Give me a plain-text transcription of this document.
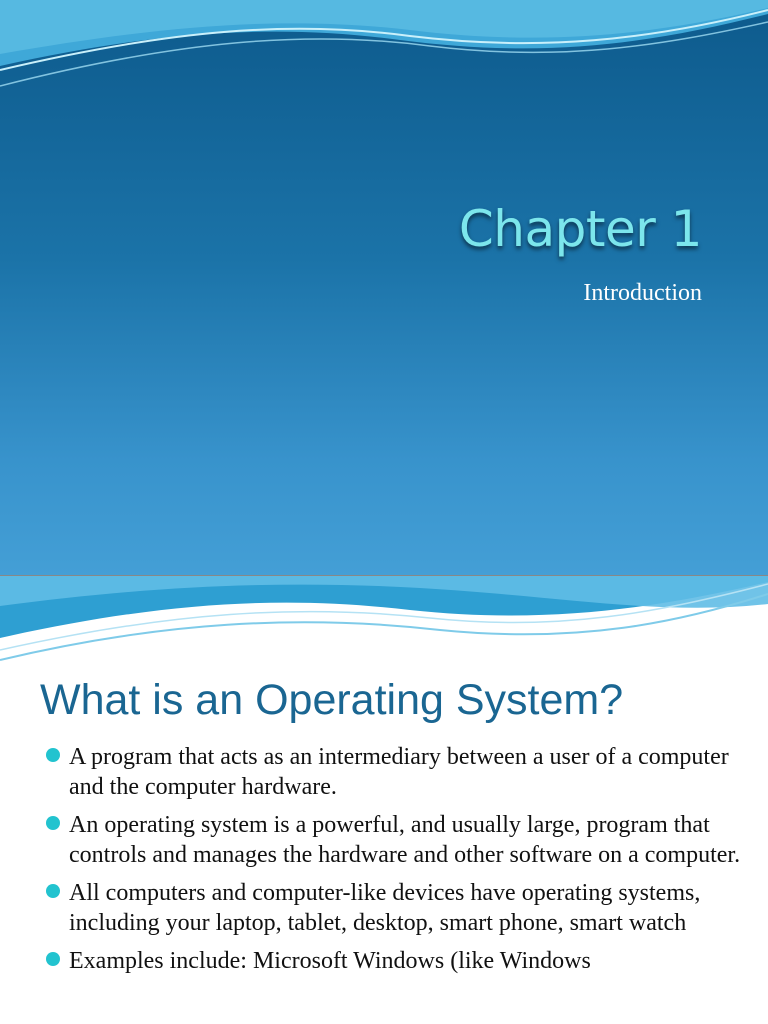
Chapter 1

Introduction

What is an Operating System?
A program that acts as an intermediary between a user of a computer and the computer hardware.
An operating system is a powerful, and usually large, program that controls and manages the hardware and other software on a computer.
All computers and computer-like devices have operating systems, including your laptop, tablet, desktop, smart phone, smart watch
Examples include: Microsoft Windows (like Windows
